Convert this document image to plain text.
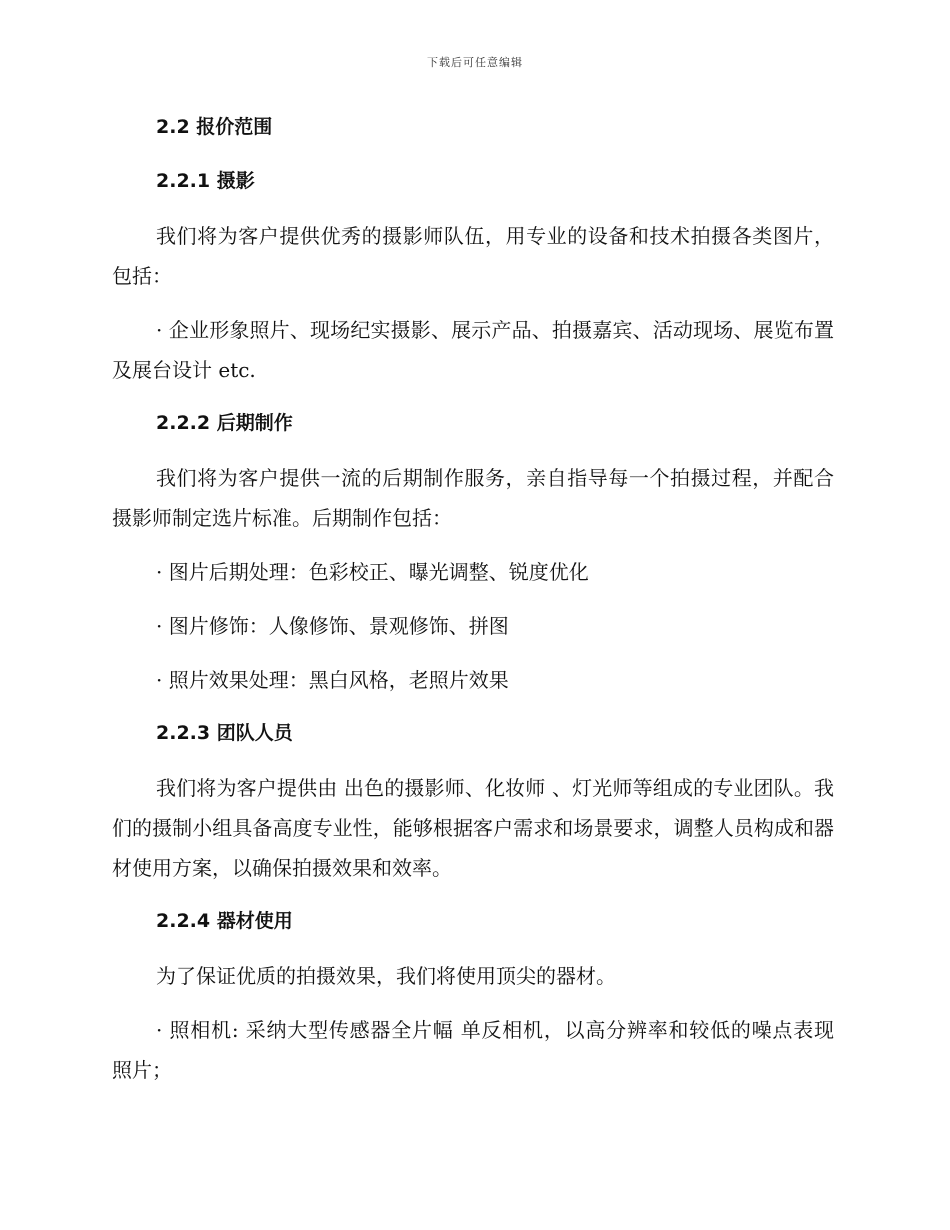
下载后可任意编辑
2.2 报价范围
2.2.1 摄影
我们将为客户提供优秀的摄影师队伍，用专业的设备和技术拍摄各类图片，包括：
· 企业形象照片、现场纪实摄影、展示产品、拍摄嘉宾、活动现场、展览布置及展台设计 etc.
2.2.2 后期制作
我们将为客户提供一流的后期制作服务，亲自指导每一个拍摄过程，并配合摄影师制定选片标准。后期制作包括：
· 图片后期处理：色彩校正、曝光调整、锐度优化
· 图片修饰：人像修饰、景观修饰、拼图
· 照片效果处理：黑白风格，老照片效果
2.2.3 团队人员
我们将为客户提供由 出色的摄影师、化妆师 、灯光师等组成的专业团队。我们的摄制小组具备高度专业性，能够根据客户需求和场景要求，调整人员构成和器材使用方案，以确保拍摄效果和效率。
2.2.4 器材使用
为了保证优质的拍摄效果，我们将使用顶尖的器材。
· 照相机: 采纳大型传感器全片幅 单反相机，以高分辨率和较低的噪点表现 照片；
